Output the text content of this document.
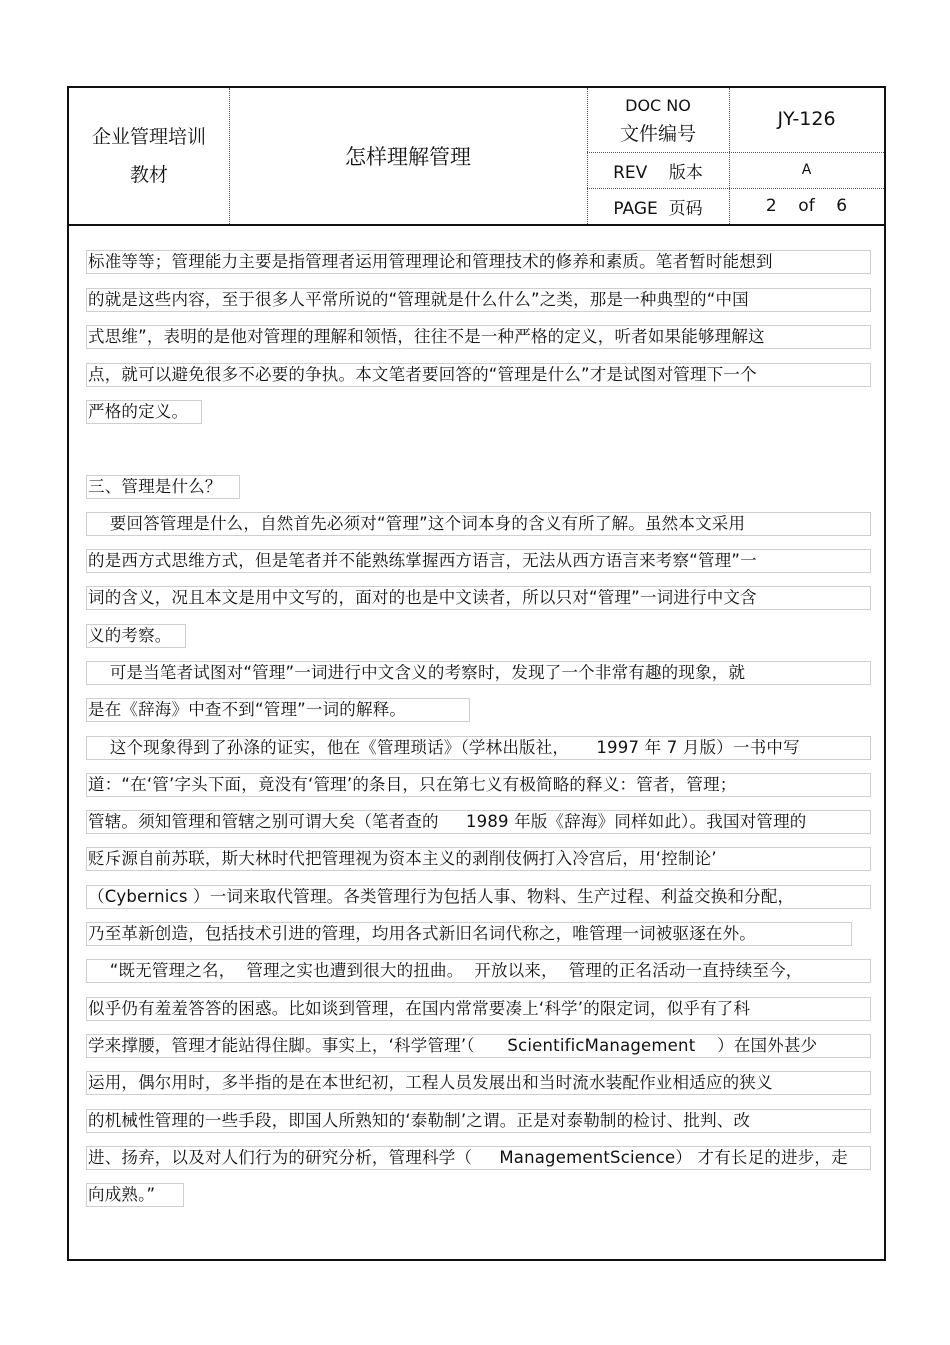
企业管理培训
教材
怎样理解管理
DOC NO
文件编号
JY-126
REV    版本	A
PAGE  页码	2    of    6
标准等等；管理能力主要是指管理者运用管理理论和管理技术的修养和素质。笔者暂时能想到
的就是这些内容，至于很多人平常所说的“管理就是什么什么”之类，那是一种典型的“中国
式思维”，表明的是他对管理的理解和领悟，往往不是一种严格的定义，听者如果能够理解这
点，就可以避免很多不必要的争执。本文笔者要回答的“管理是什么”才是试图对管理下一个
严格的定义。
三、管理是什么？
要回答管理是什么，自然首先必须对“管理”这个词本身的含义有所了解。虽然本文采用
的是西方式思维方式，但是笔者并不能熟练掌握西方语言，无法从西方语言来考察“管理”一
词的含义，况且本文是用中文写的，面对的也是中文读者，所以只对“管理”一词进行中文含
义的考察。
可是当笔者试图对“管理”一词进行中文含义的考察时，发现了一个非常有趣的现象，就
是在《辞海》中查不到“管理”一词的解释。
这个现象得到了孙涤的证实，他在《管理琐话》（学林出版社，     1997 年 7 月版）一书中写
道：“在‘管’字头下面，竟没有‘管理’的条目，只在第七义有极简略的释义：管者，管理；
管辖。须知管理和管辖之别可谓大矣（笔者查的     1989 年版《辞海》同样如此）。我国对管理的
贬斥源自前苏联，斯大林时代把管理视为资本主义的剥削伎俩打入冷宫后，用‘控制论’
（Cybernics ）一词来取代管理。各类管理行为包括人事、物料、生产过程、利益交换和分配，
乃至革新创造，包括技术引进的管理，均用各式新旧名词代称之，唯管理一词被驱逐在外。
“既无管理之名，  管理之实也遭到很大的扭曲。  开放以来，  管理的正名活动一直持续至今，
似乎仍有羞羞答答的困惑。比如谈到管理，在国内常常要凑上‘科学’的限定词，似乎有了科
学来撑腰，管理才能站得住脚。事实上，‘科学管理’（      ScientificManagement    ）在国外甚少
运用，偶尔用时，多半指的是在本世纪初，工程人员发展出和当时流水装配作业相适应的狭义
的机械性管理的一些手段，即国人所熟知的‘泰勒制’之谓。正是对泰勒制的检讨、批判、改
进、扬弃，以及对人们行为的研究分析，管理科学（     ManagementScience） 才有长足的进步，走
向成熟。”
